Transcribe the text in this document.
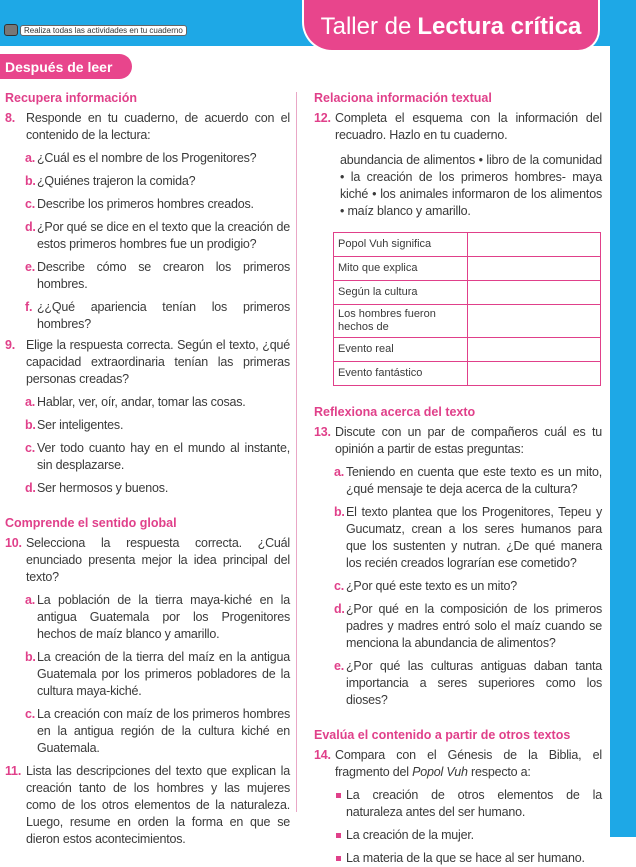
Realiza todas las actividades en tu cuaderno	Taller de Lectura crítica
Después de leer
Recupera información
8. Responde en tu cuaderno, de acuerdo con el contenido de la lectura:
a. ¿Cuál es el nombre de los Progenitores?
b. ¿Quiénes trajeron la comida?
c. Describe los primeros hombres creados.
d. ¿Por qué se dice en el texto que la creación de estos primeros hombres fue un prodigio?
e. Describe cómo se crearon los primeros hombres.
f. ¿¿Qué apariencia tenían los primeros hombres?
9. Elige la respuesta correcta. Según el texto, ¿qué capacidad extraordinaria tenían las primeras personas creadas?
a. Hablar, ver, oír, andar, tomar las cosas.
b. Ser inteligentes.
c. Ver todo cuanto hay en el mundo al instante, sin desplazarse.
d. Ser hermosos y buenos.
Comprende el sentido global
10. Selecciona la respuesta correcta. ¿Cuál enunciado presenta mejor la idea principal del texto?
a. La población de la tierra maya-kiché en la antigua Guatemala por los Progenitores hechos de maíz blanco y amarillo.
b. La creación de la tierra del maíz en la antigua Guatemala por los primeros pobladores de la cultura maya-kiché.
c. La creación con maíz de los primeros hombres en la antigua región de la cultura kiché en Guatemala.
11. Lista las descripciones del texto que explican la creación tanto de los hombres y las mujeres como de los otros elementos de la naturaleza. Luego, resume en orden la forma en que se dieron estos acontecimientos.
Relaciona información textual
12. Completa el esquema con la información del recuadro. Hazlo en tu cuaderno.
abundancia de alimentos • libro de la comunidad • la creación de los primeros hombres- maya kiché • los animales informaron de los alimentos • maíz blanco y amarillo.
Popol Vuh significa	
Mito que explica	
Según la cultura	
Los hombres fueron hechos de	
Evento real	
Evento fantástico	
Reflexiona acerca del texto
13. Discute con un par de compañeros cuál es tu opinión a partir de estas preguntas:
a. Teniendo en cuenta que este texto es un mito, ¿qué mensaje te deja acerca de la cultura?
b. El texto plantea que los Progenitores, Tepeu y Gucumatz, crean a los seres humanos para que los sustenten y nutran. ¿De qué manera los recién creados lograrían ese cometido?
c. ¿Por qué este texto es un mito?
d. ¿Por qué en la composición de los primeros padres y madres entró solo el maíz cuando se menciona la abundancia de alimentos?
e. ¿Por qué las culturas antiguas daban tanta importancia a seres superiores como los dioses?
Evalúa el contenido a partir de otros textos
14. Compara con el Génesis de la Biblia, el fragmento del Popol Vuh respecto a:
La creación de otros elementos de la naturaleza antes del ser humano.
La creación de la mujer.
La materia de la que se hace al ser humano.
